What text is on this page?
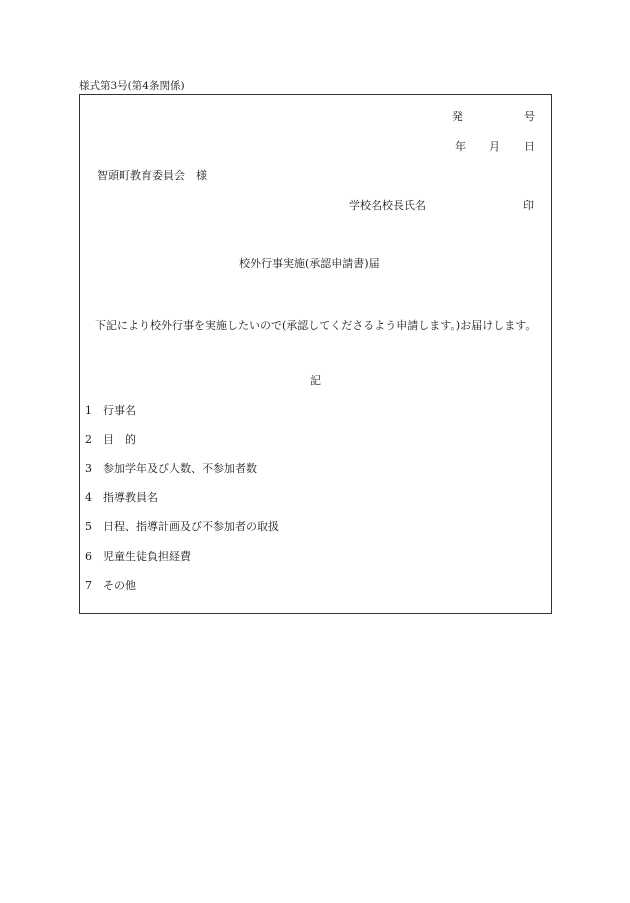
様式第3号(第4条関係)
発	号
年 月 日
智頭町教育委員会　様
学校名校長氏名	印
校外行事実施(承認申請書)届
下記により校外行事を実施したいので(承認してくださるよう申請します。)お届けします。
記
1 行事名
2 目　的
3 参加学年及び人数、不参加者数
4 指導教員名
5 日程、指導計画及び不参加者の取扱
6 児童生徒負担経費
7 その他
